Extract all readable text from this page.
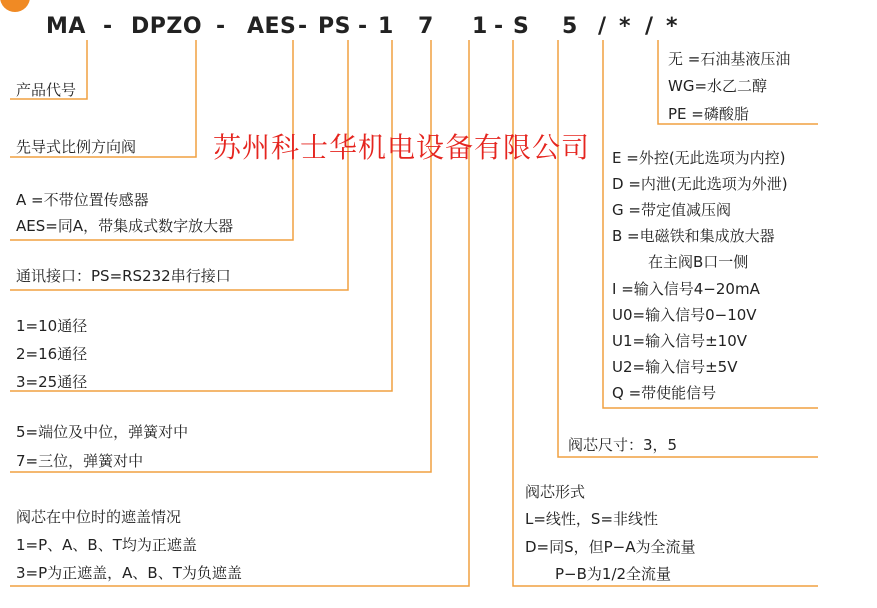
MA - DPZO - AES - PS - 1 7 1 - S 5 / * / *
苏州科士华机电设备有限公司
产品代号
先导式比例方向阀
A =不带位置传感器
AES=同A，带集成式数字放大器
通讯接口：PS=RS232串行接口
1=10通径
2=16通径
3=25通径
5=端位及中位，弹簧对中
7=三位，弹簧对中
阀芯在中位时的遮盖情况
1=P、A、B、T均为正遮盖
3=P为正遮盖，A、B、T为负遮盖
无 =石油基液压油
WG=水乙二醇
PE =磷酸脂
E =外控(无此选项为内控)
D =内泄(无此选项为外泄)
G =带定值减压阀
B =电磁铁和集成放大器
在主阀B口一侧
I =输入信号4−20mA
U0=输入信号0−10V
U1=输入信号±10V
U2=输入信号±5V
Q =带使能信号
阀芯尺寸：3，5
阀芯形式
L=线性，S=非线性
D=同S，但P−A为全流量
P−B为1/2全流量
